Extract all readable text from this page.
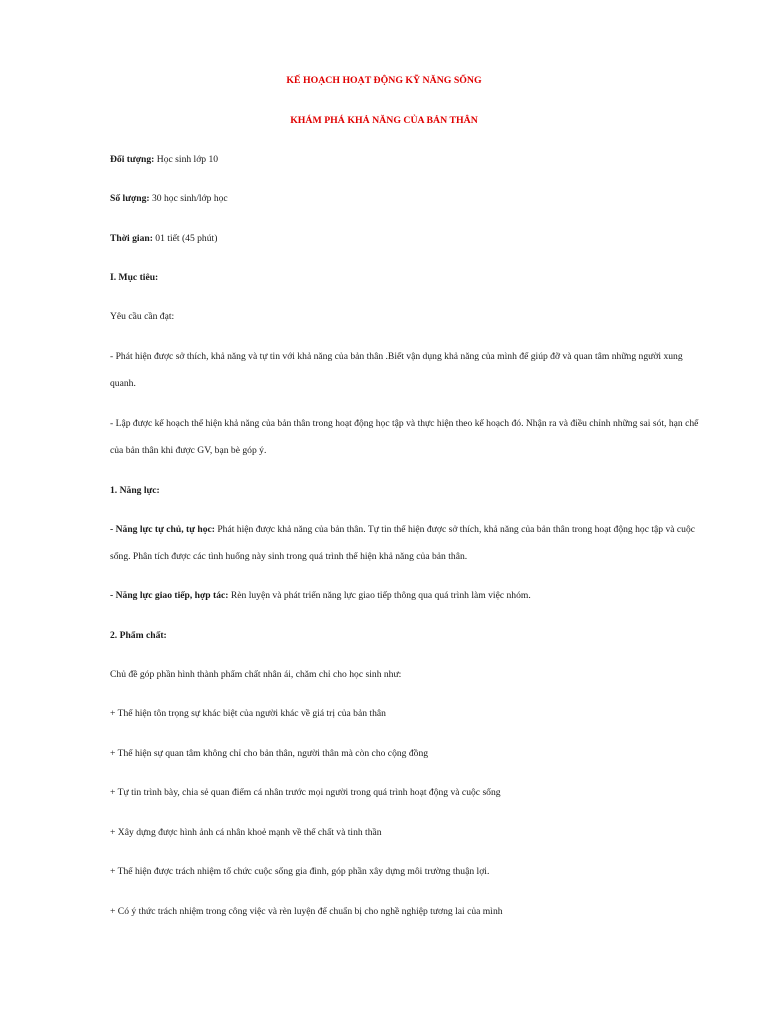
KẾ HOẠCH HOẠT ĐỘNG KỸ NĂNG SỐNG
KHÁM PHÁ KHẢ NĂNG CỦA BẢN THÂN
Đối tượng: Học sinh lớp 10
Số lượng: 30 học sinh/lớp học
Thời gian: 01 tiết (45 phút)
I. Mục tiêu:
Yêu cầu cần đạt:
- Phát hiện được sở thích, khả năng và tự tin với khả năng của bản thân .Biết vận dụng khả năng của mình để giúp đỡ và quan tâm những người xung quanh.
- Lập được kế hoạch thể hiện khả năng của bản thân trong hoạt động học tập và thực hiện theo kế hoạch đó. Nhận ra và điều chỉnh những sai sót, hạn chế của bản thân khi được GV, bạn bè góp ý.
1. Năng lực:
- Năng lực tự chủ, tự học: Phát hiện được khả năng của bản thân. Tự tin thể hiện được sở thích, khả năng của bản thân trong hoạt động học tập và cuộc sống. Phân tích được các tình huống này sinh trong quá trình thể hiện khả năng của bản thân.
- Năng lực giao tiếp, hợp tác: Rèn luyện và phát triển năng lực giao tiếp thông qua quá trình làm việc nhóm.
2. Phẩm chất:
Chủ đề góp phần hình thành phẩm chất nhân ái, chăm chỉ cho học sinh như:
+ Thể hiện tôn trọng sự khác biệt của người khác về giá trị của bản thân
+ Thể hiện sự quan tâm không chỉ cho bản thân, người thân mà còn cho cộng đồng
+ Tự tin trình bày, chia sẻ quan điểm cá nhân trước mọi người trong quá trình hoạt động và cuộc sống
+ Xây dựng được hình ảnh cá nhân khoẻ mạnh về thể chất và tinh thần
+ Thể hiện được trách nhiệm tổ chức cuộc sống gia đình, góp phần xây dựng môi trường thuận lợi.
+ Có ý thức trách nhiệm trong công việc và rèn luyện để chuẩn bị cho nghề nghiệp tương lai của mình
